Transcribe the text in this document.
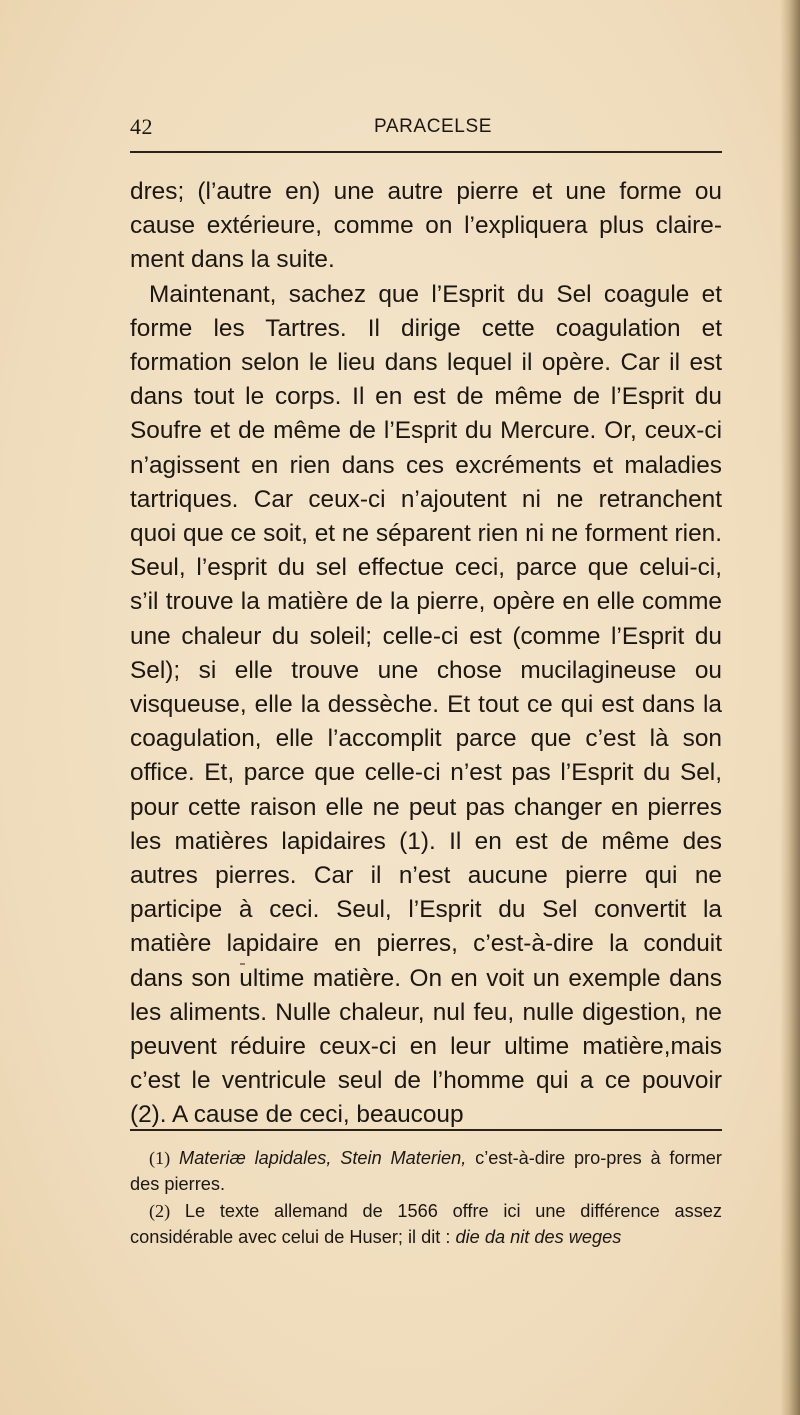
42	PARACELSE

dres; (l’autre en) une autre pierre et une forme ou cause extérieure, comme on l’expliquera plus claire-ment dans la suite.

Maintenant, sachez que l’Esprit du Sel coagule et forme les Tartres. Il dirige cette coagulation et formation selon le lieu dans lequel il opère. Car il est dans tout le corps. Il en est de même de l’Esprit du Soufre et de même de l’Esprit du Mercure. Or, ceux-ci n’agissent en rien dans ces excréments et maladies tartriques. Car ceux-ci n’ajoutent ni ne retranchent quoi que ce soit, et ne séparent rien ni ne forment rien. Seul, l’esprit du sel effectue ceci, parce que celui-ci, s’il trouve la matière de la pierre, opère en elle comme une chaleur du soleil; celle-ci est (comme l’Esprit du Sel); si elle trouve une chose mucilagineuse ou visqueuse, elle la dessèche. Et tout ce qui est dans la coagulation, elle l’accomplit parce que c’est là son office. Et, parce que celle-ci n’est pas l’Esprit du Sel, pour cette raison elle ne peut pas changer en pierres les matières lapidaires (1). Il en est de même des autres pierres. Car il n’est aucune pierre qui ne participe à ceci. Seul, l’Esprit du Sel convertit la matière lapidaire en pierres, c’est-à-dire la conduit dans son ultime matière. On en voit un exemple dans les aliments. Nulle chaleur, nul feu, nulle digestion, ne peuvent réduire ceux-ci en leur ultime matière,mais c’est le ventricule seul de l’homme qui a ce pouvoir (2). A cause de ceci, beaucoup

(1) Materiæ lapidales, Stein Materien, c’est-à-dire pro-pres à former des pierres.

(2) Le texte allemand de 1566 offre ici une différence assez considérable avec celui de Huser; il dit : die da nit des weges
